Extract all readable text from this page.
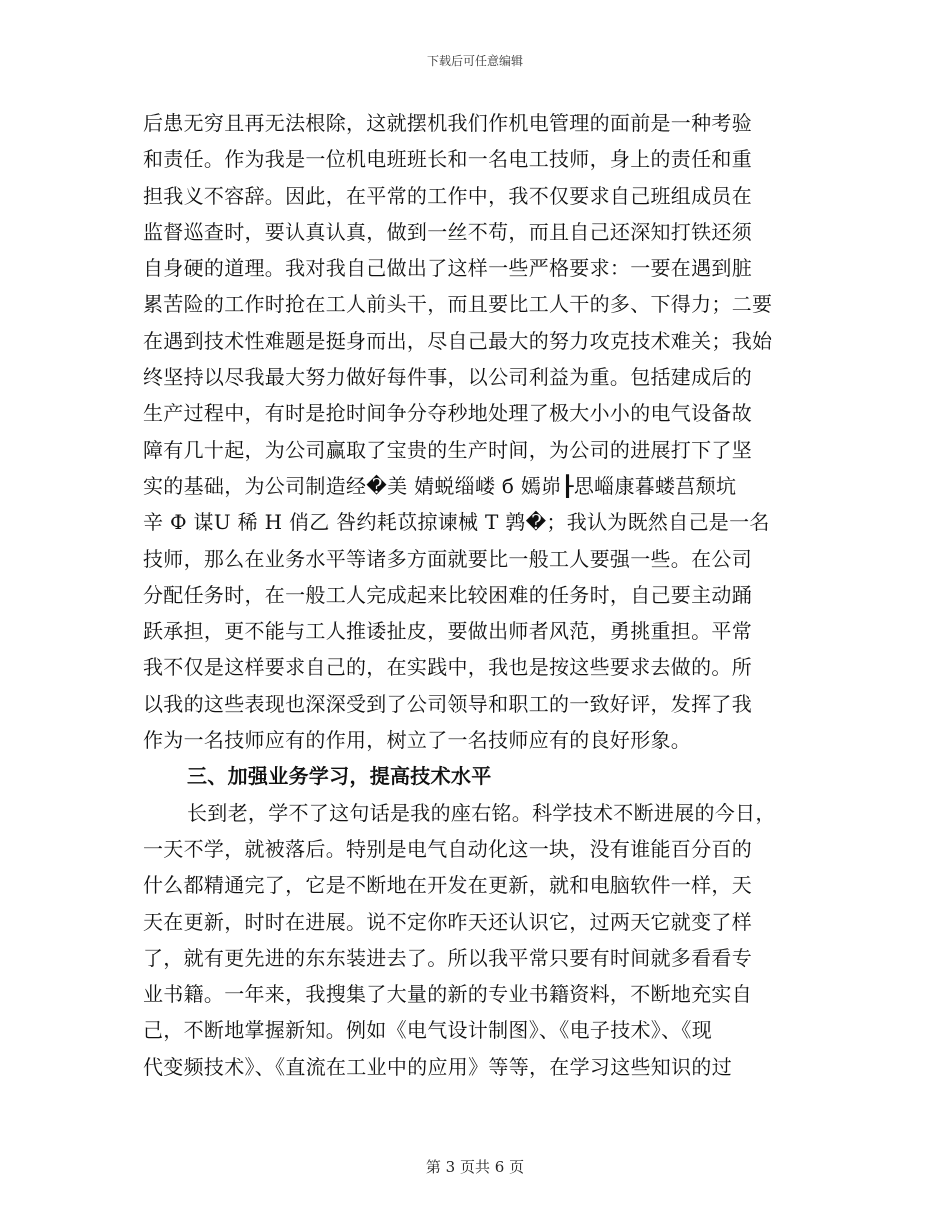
下载后可任意编辑
后患无穷且再无法根除，这就摆机我们作机电管理的面前是一种考验
和责任。作为我是一位机电班班长和一名电工技师，身上的责任和重
担我义不容辞。因此，在平常的工作中，我不仅要求自己班组成员在
监督巡查时，要认真认真，做到一丝不苟，而且自己还深知打铁还须
自身硬的道理。我对我自己做出了这样一些严格要求：一要在遇到脏
累苦险的工作时抢在工人前头干，而且要比工人干的多、下得力；二要
在遇到技术性难题是挺身而出，尽自己最大的努力攻克技术难关；我始
终坚持以尽我最大努力做好每件事，以公司利益为重。包括建成后的
生产过程中，有时是抢时间争分夺秒地处理了极大小小的电气设备故
障有几十起，为公司赢取了宝贵的生产时间，为公司的进展打下了坚
实的基础，为公司制造经�美 婧蜕缁嵝 б 嫣峁┠思崰康暮蝼莒颓坑
辛 Ф 谋U 稀 H 俏乙 咎约耗苡掠谏械 T 鹑�；我认为既然自己是一名
技师，那么在业务水平等诸多方面就要比一般工人要强一些。在公司
分配任务时，在一般工人完成起来比较困难的任务时，自己要主动踊
跃承担，更不能与工人推诿扯皮，要做出师者风范，勇挑重担。平常
我不仅是这样要求自己的，在实践中，我也是按这些要求去做的。所
以我的这些表现也深深受到了公司领导和职工的一致好评，发挥了我
作为一名技师应有的作用，树立了一名技师应有的良好形象。
三、加强业务学习，提高技术水平
长到老，学不了这句话是我的座右铭。科学技术不断进展的今日，
一天不学，就被落后。特别是电气自动化这一块，没有谁能百分百的
什么都精通完了，它是不断地在开发在更新，就和电脑软件一样，天
天在更新，时时在进展。说不定你昨天还认识它，过两天它就变了样
了，就有更先进的东东装进去了。所以我平常只要有时间就多看看专
业书籍。一年来，我搜集了大量的新的专业书籍资料，不断地充实自
己，不断地掌握新知。例如《电气设计制图》、《电子技术》、《现
代变频技术》、《直流在工业中的应用》等等，在学习这些知识的过
第 3 页共 6 页
